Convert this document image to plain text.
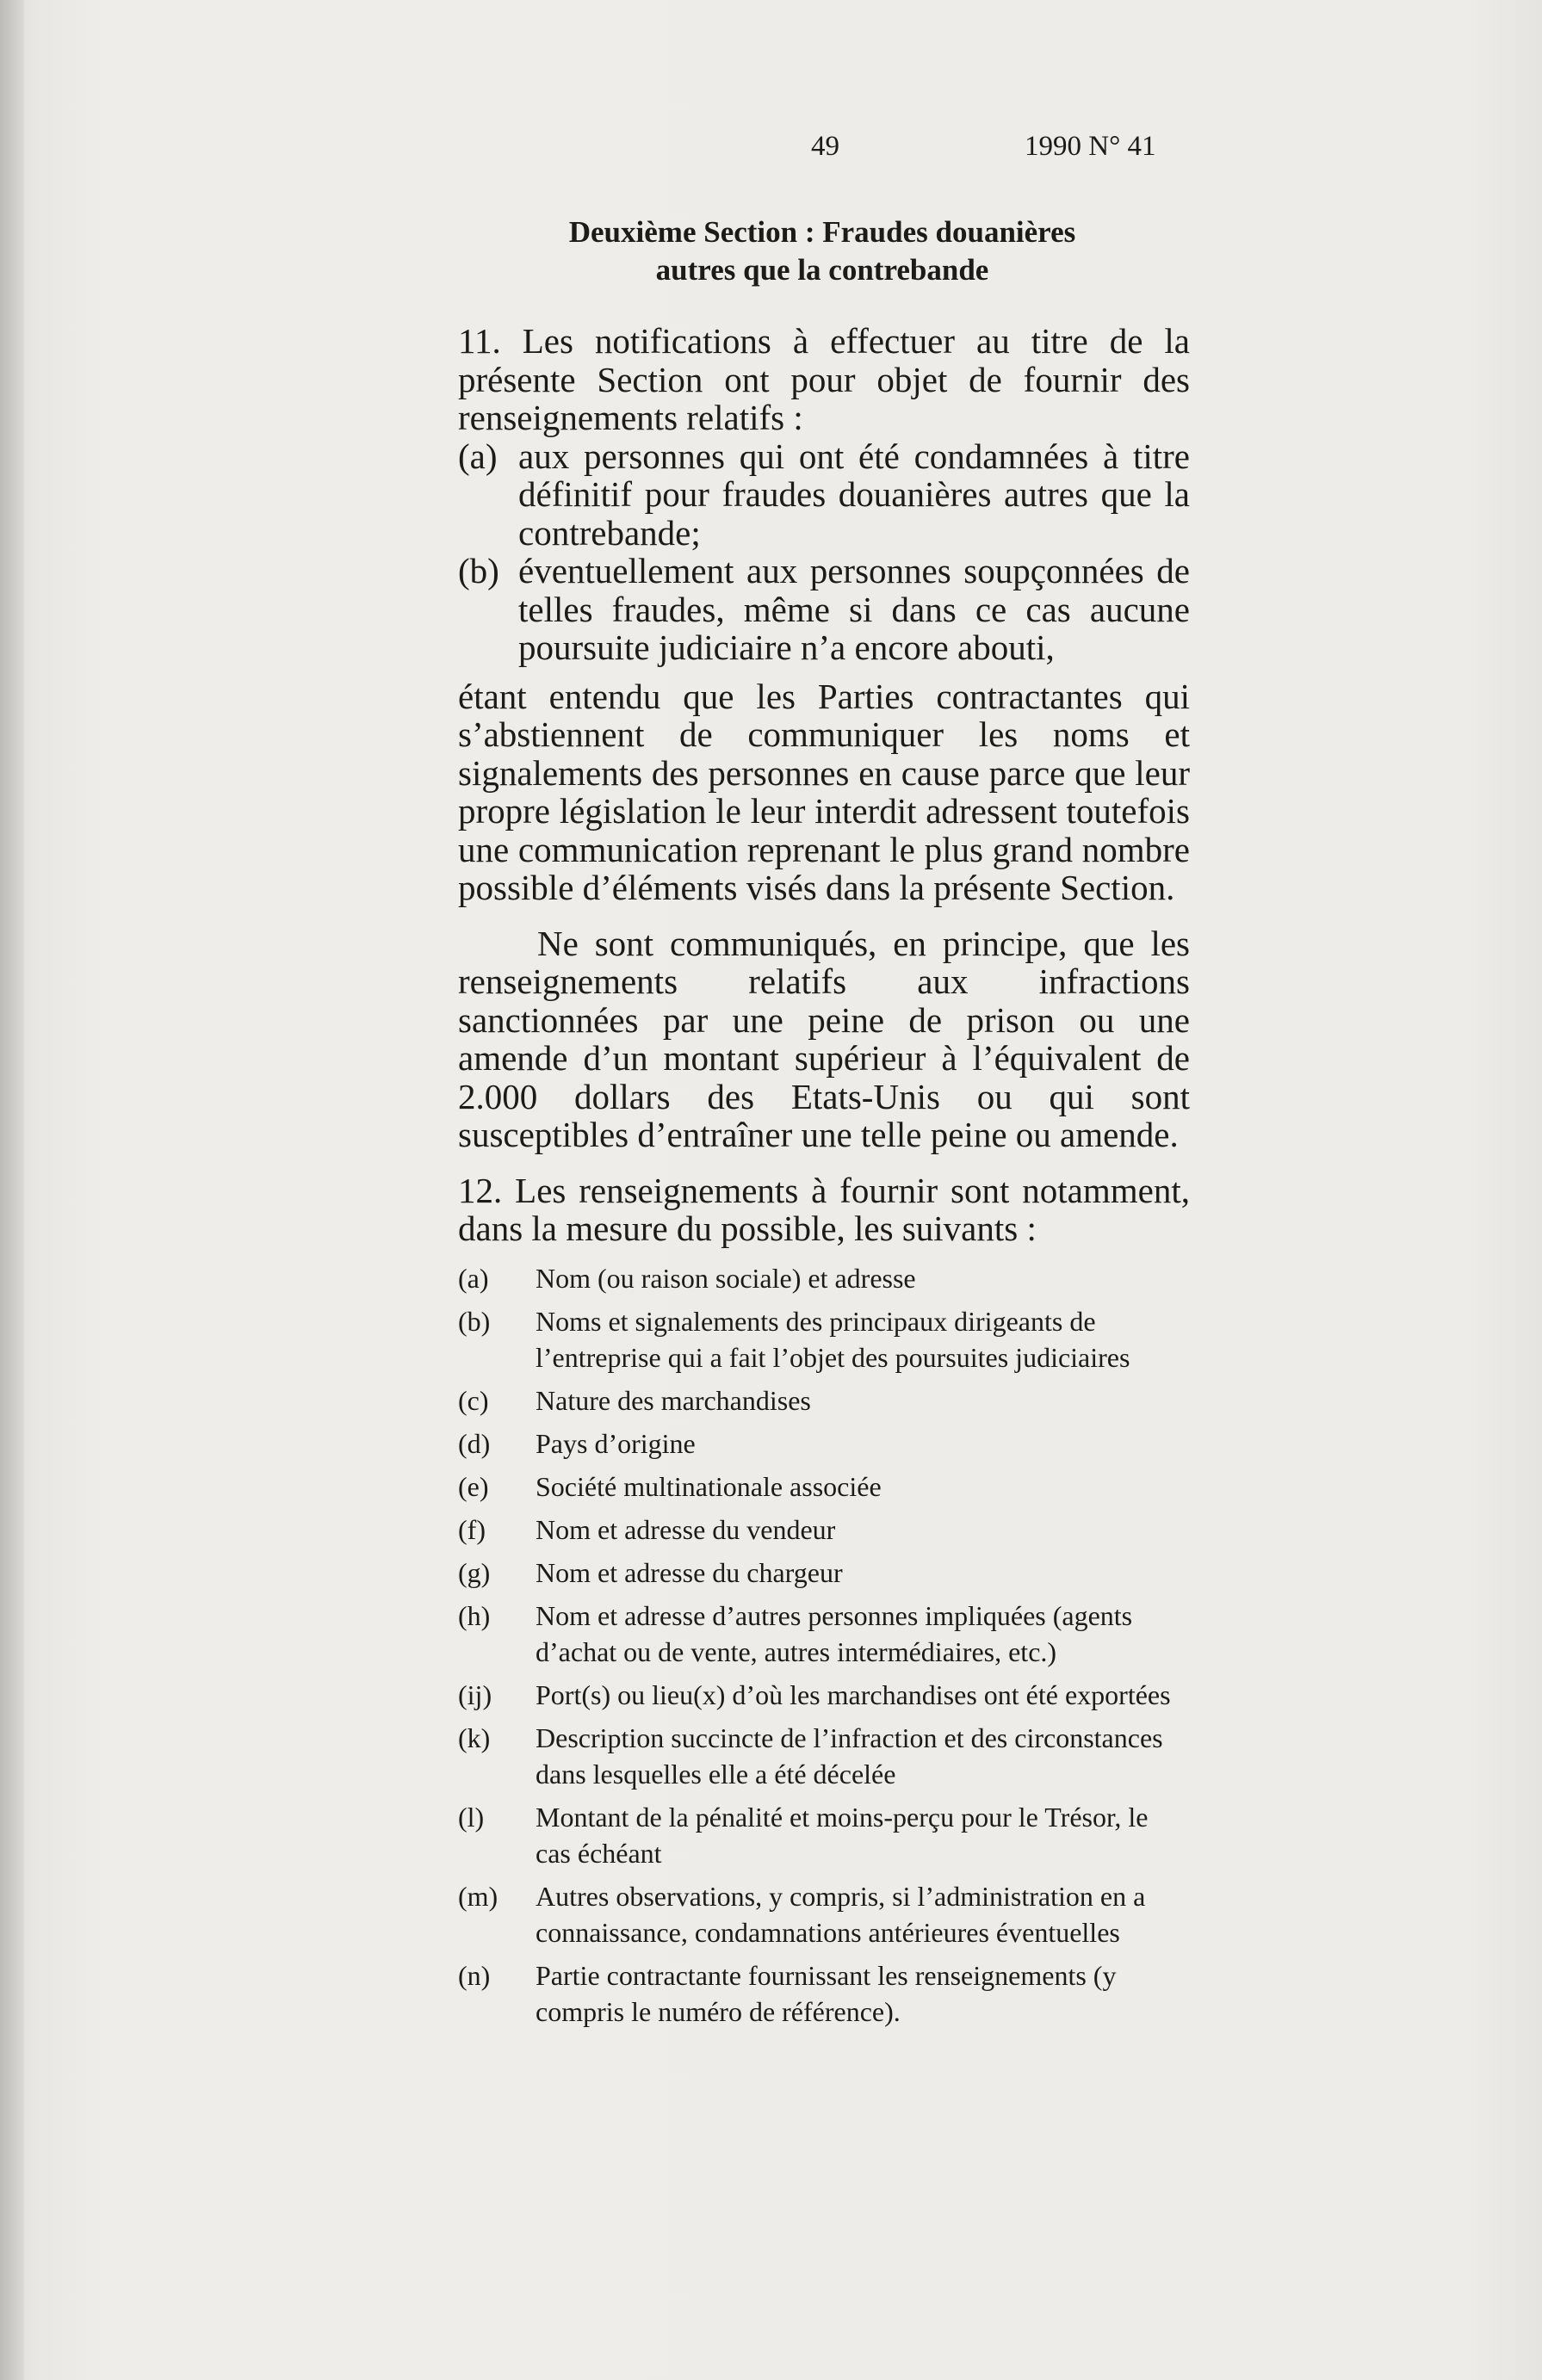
49	1990 N° 41
Deuxième Section : Fraudes douanières
autres que la contrebande

11. Les notifications à effectuer au titre de la présente Section ont pour objet de fournir des renseignements relatifs :

(a) aux personnes qui ont été condamnées à titre définitif pour fraudes douanières autres que la contrebande;
(b) éventuellement aux personnes soupçonnées de telles fraudes, même si dans ce cas aucune poursuite judiciaire n’a encore abouti,

étant entendu que les Parties contractantes qui s’abstiennent de communiquer les noms et signalements des personnes en cause parce que leur propre législation le leur interdit adressent toutefois une communication reprenant le plus grand nombre possible d’éléments visés dans la présente Section.

Ne sont communiqués, en principe, que les renseignements relatifs aux infractions sanctionnées par une peine de prison ou une amende d’un montant supérieur à l’équivalent de 2.000 dollars des Etats-Unis ou qui sont susceptibles d’entraîner une telle peine ou amende.

12. Les renseignements à fournir sont notamment, dans la mesure du possible, les suivants :

(a)	Nom (ou raison sociale) et adresse
(b)	Noms et signalements des principaux dirigeants de l’entreprise qui a fait l’objet des poursuites judiciaires
(c)	Nature des marchandises
(d)	Pays d’origine
(e)	Société multinationale associée
(f)	Nom et adresse du vendeur
(g)	Nom et adresse du chargeur
(h)	Nom et adresse d’autres personnes impliquées (agents d’achat ou de vente, autres intermédiaires, etc.)
(ij)	Port(s) ou lieu(x) d’où les marchandises ont été exportées
(k)	Description succincte de l’infraction et des circonstances dans lesquelles elle a été décelée
(l)	Montant de la pénalité et moins-perçu pour le Trésor, le cas échéant
(m)	Autres observations, y compris, si l’administration en a connaissance, condamnations antérieures éventuelles
(n)	Partie contractante fournissant les renseignements (y compris le numéro de référence).
